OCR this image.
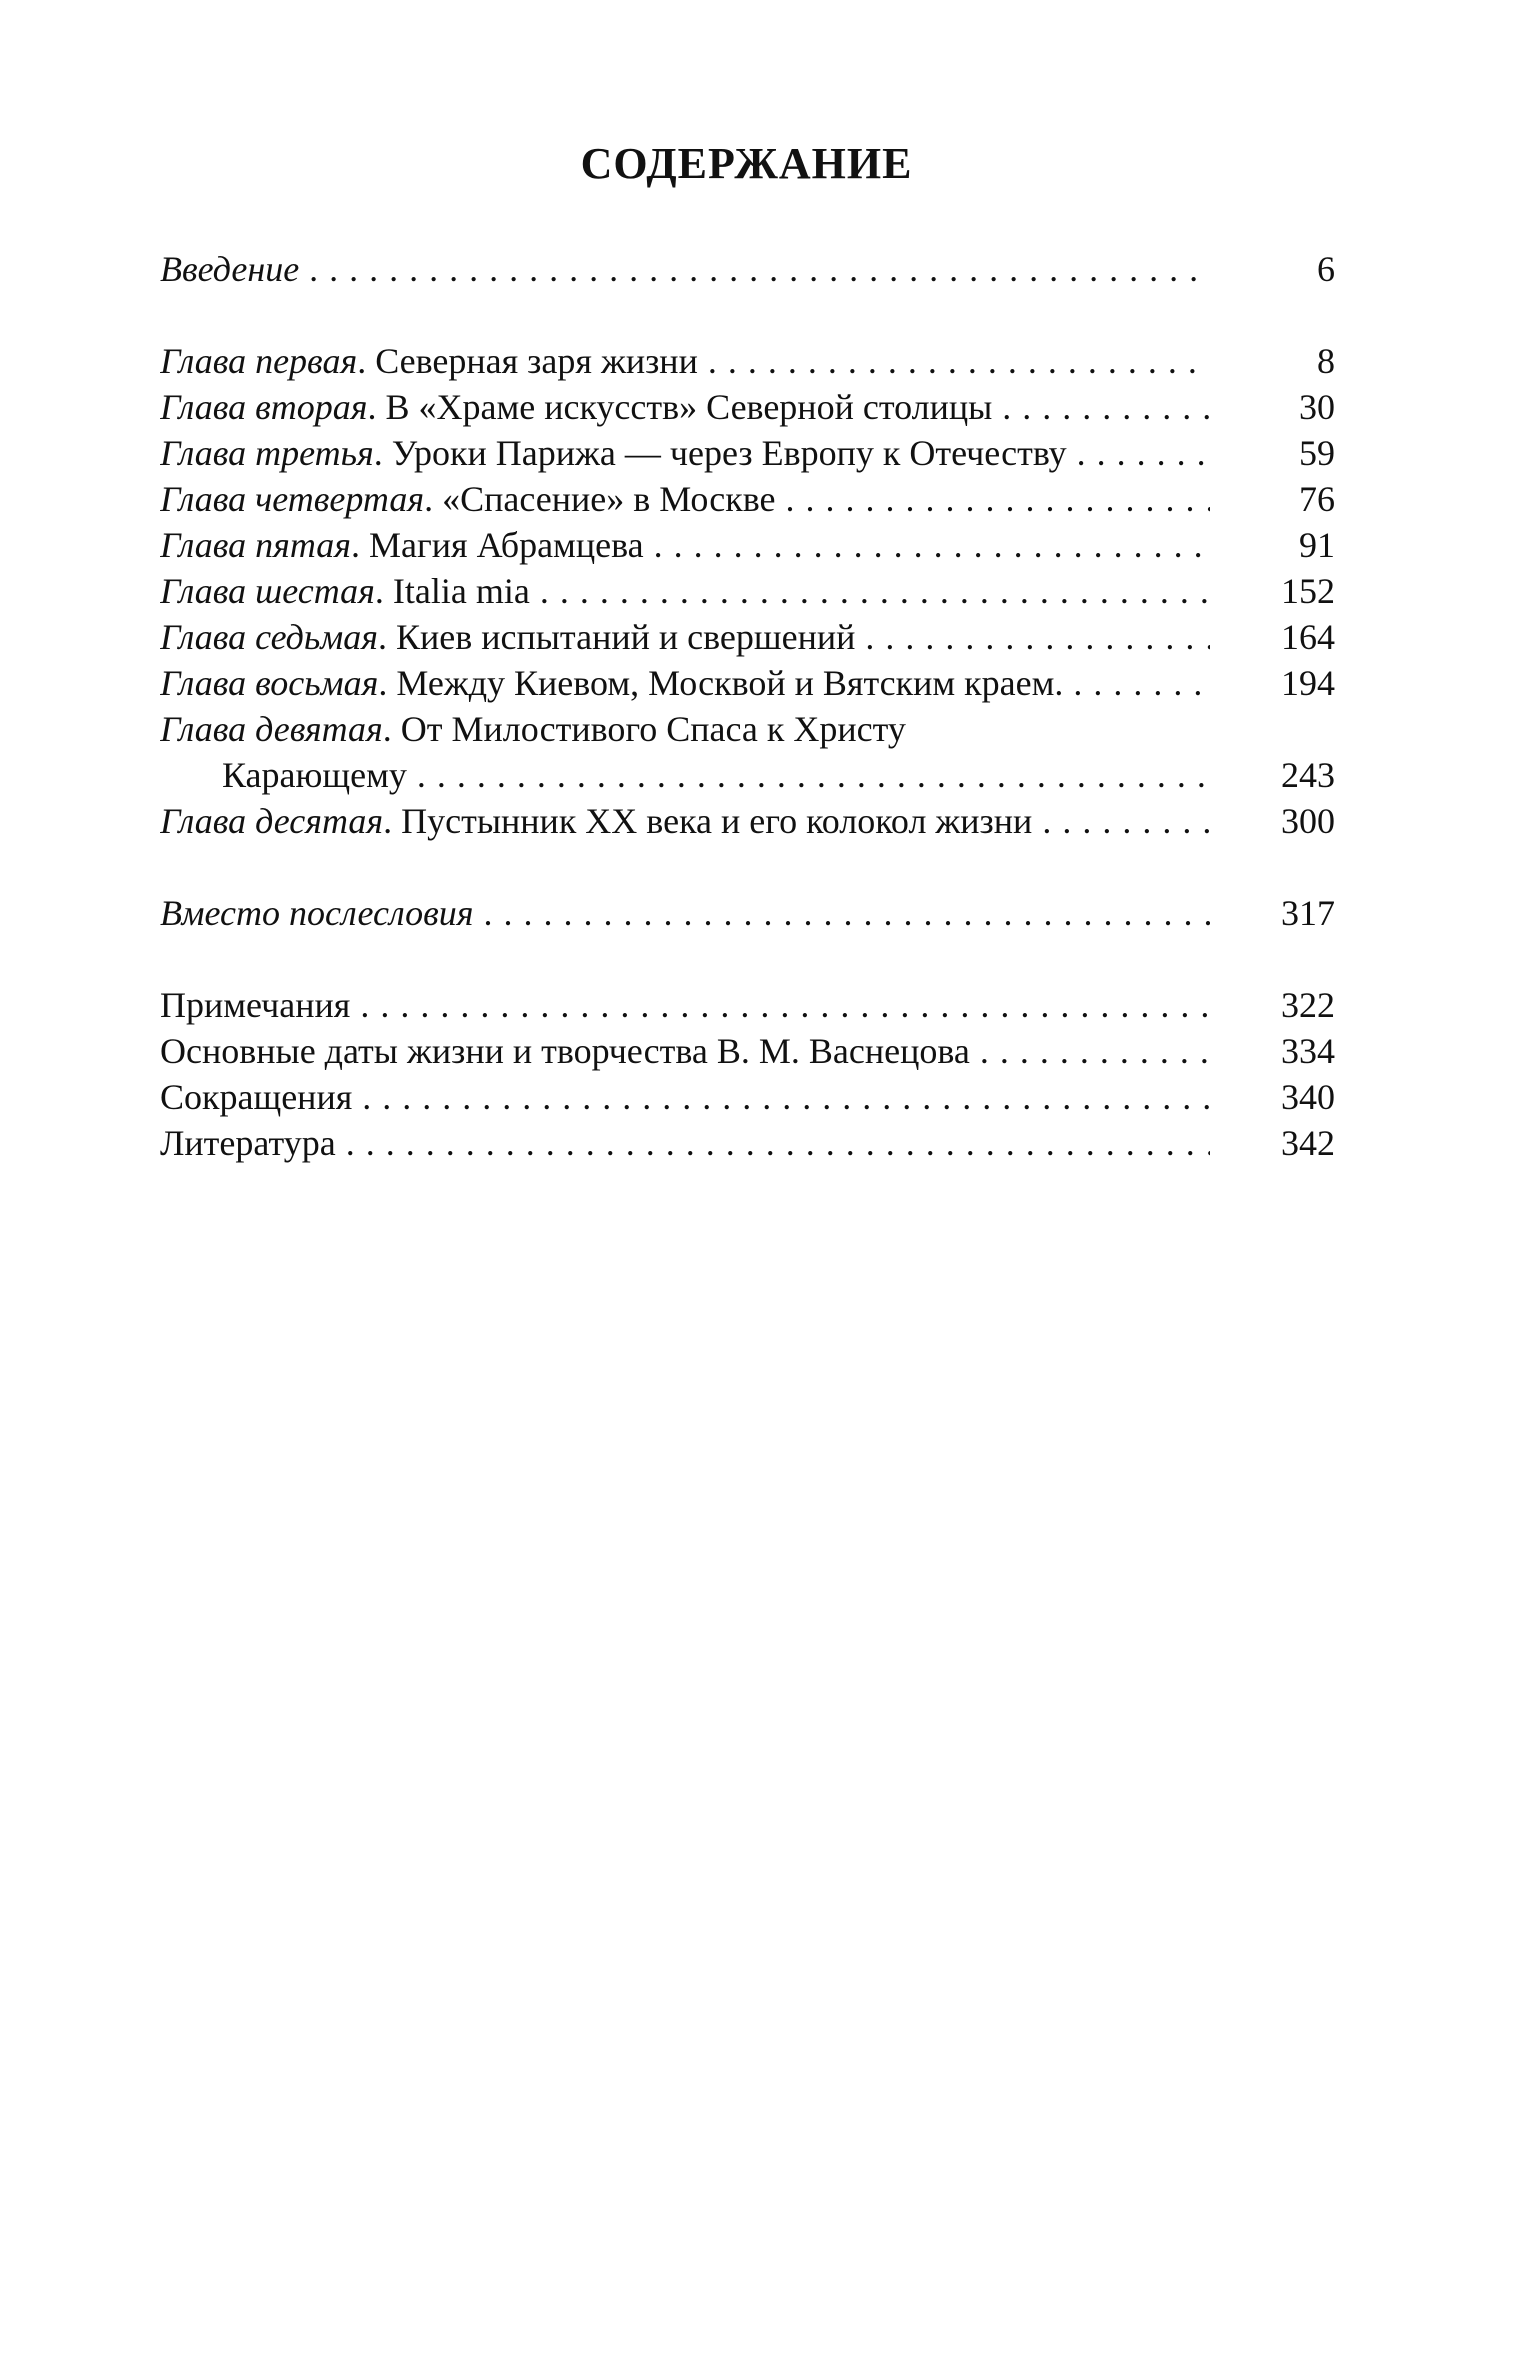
СОДЕРЖАНИЕ
Введение . . .	6
Глава первая. Северная заря жизни . . .	8
Глава вторая. В «Храме искусств» Северной столицы . . .	30
Глава третья. Уроки Парижа — через Европу к Отечеству . . .	59
Глава четвертая. «Спасение» в Москве . . .	76
Глава пятая. Магия Абрамцева . . .	91
Глава шестая. Italia mia . . .	152
Глава седьмая. Киев испытаний и свершений . . .	164
Глава восьмая. Между Киевом, Москвой и Вятским краем. . . .	194
Глава девятая. От Милостивого Спаса к Христу
Карающему . . .	243
Глава десятая. Пустынник XX века и его колокол жизни . . .	300
Вместо послесловия . . .	317
Примечания . . .	322
Основные даты жизни и творчества В. М. Васнецова . . .	334
Сокращения . . .	340
Литература . . .	342
